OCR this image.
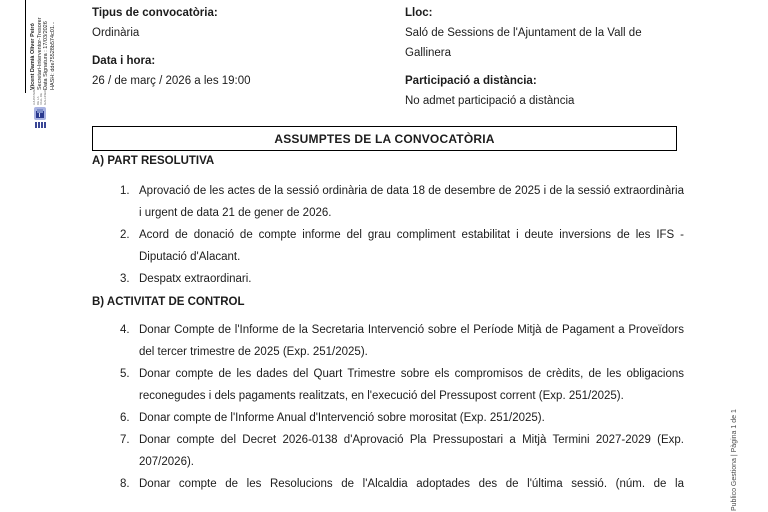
Vicent Damià Oliver Peiró Secretari-Interventor-Tresorer Data Signatura : 17/03/2026 HASH: dde75528b574c01...
AJUNTAMENT DE LA VALL DE GALLINERA
Publico Gestiona | Pàgina 1 de 1

Tipus de convocatòria:

Ordinària

Data i hora:

26 / de març / 2026 a les 19:00

Lloc:

Saló de Sessions de l'Ajuntament de la Vall de Gallinera

Participació a distància:

No admet participació a distància

ASSUMPTES DE LA CONVOCATÒRIA
A) PART RESOLUTIVA
1. Aprovació de les actes de la sessió ordinària de data 18 de desembre de 2025 i de la sessió extraordinària i urgent de data 21 de gener de 2026.
2. Acord de donació de compte informe del grau compliment estabilitat i deute inversions de les IFS - Diputació d'Alacant.
3. Despatx extraordinari.
B) ACTIVITAT DE CONTROL
4. Donar Compte de l'Informe de la Secretaria Intervenció sobre el Període Mitjà de Pagament a Proveïdors del tercer trimestre de 2025 (Exp. 251/2025).
5. Donar compte de les dades del Quart Trimestre sobre els compromisos de crèdits, de les obligacions reconegudes i dels pagaments realitzats, en l'execució del Pressupost corrent (Exp. 251/2025).
6. Donar compte de l'Informe Anual d'Intervenció sobre morositat (Exp. 251/2025).
7. Donar compte del Decret 2026-0138 d'Aprovació Pla Pressupostari a Mitjà Termini 2027-2029 (Exp. 207/2026).
8. Donar compte de les Resolucions de l'Alcaldia adoptades des de l'última sessió. (núm. de la
